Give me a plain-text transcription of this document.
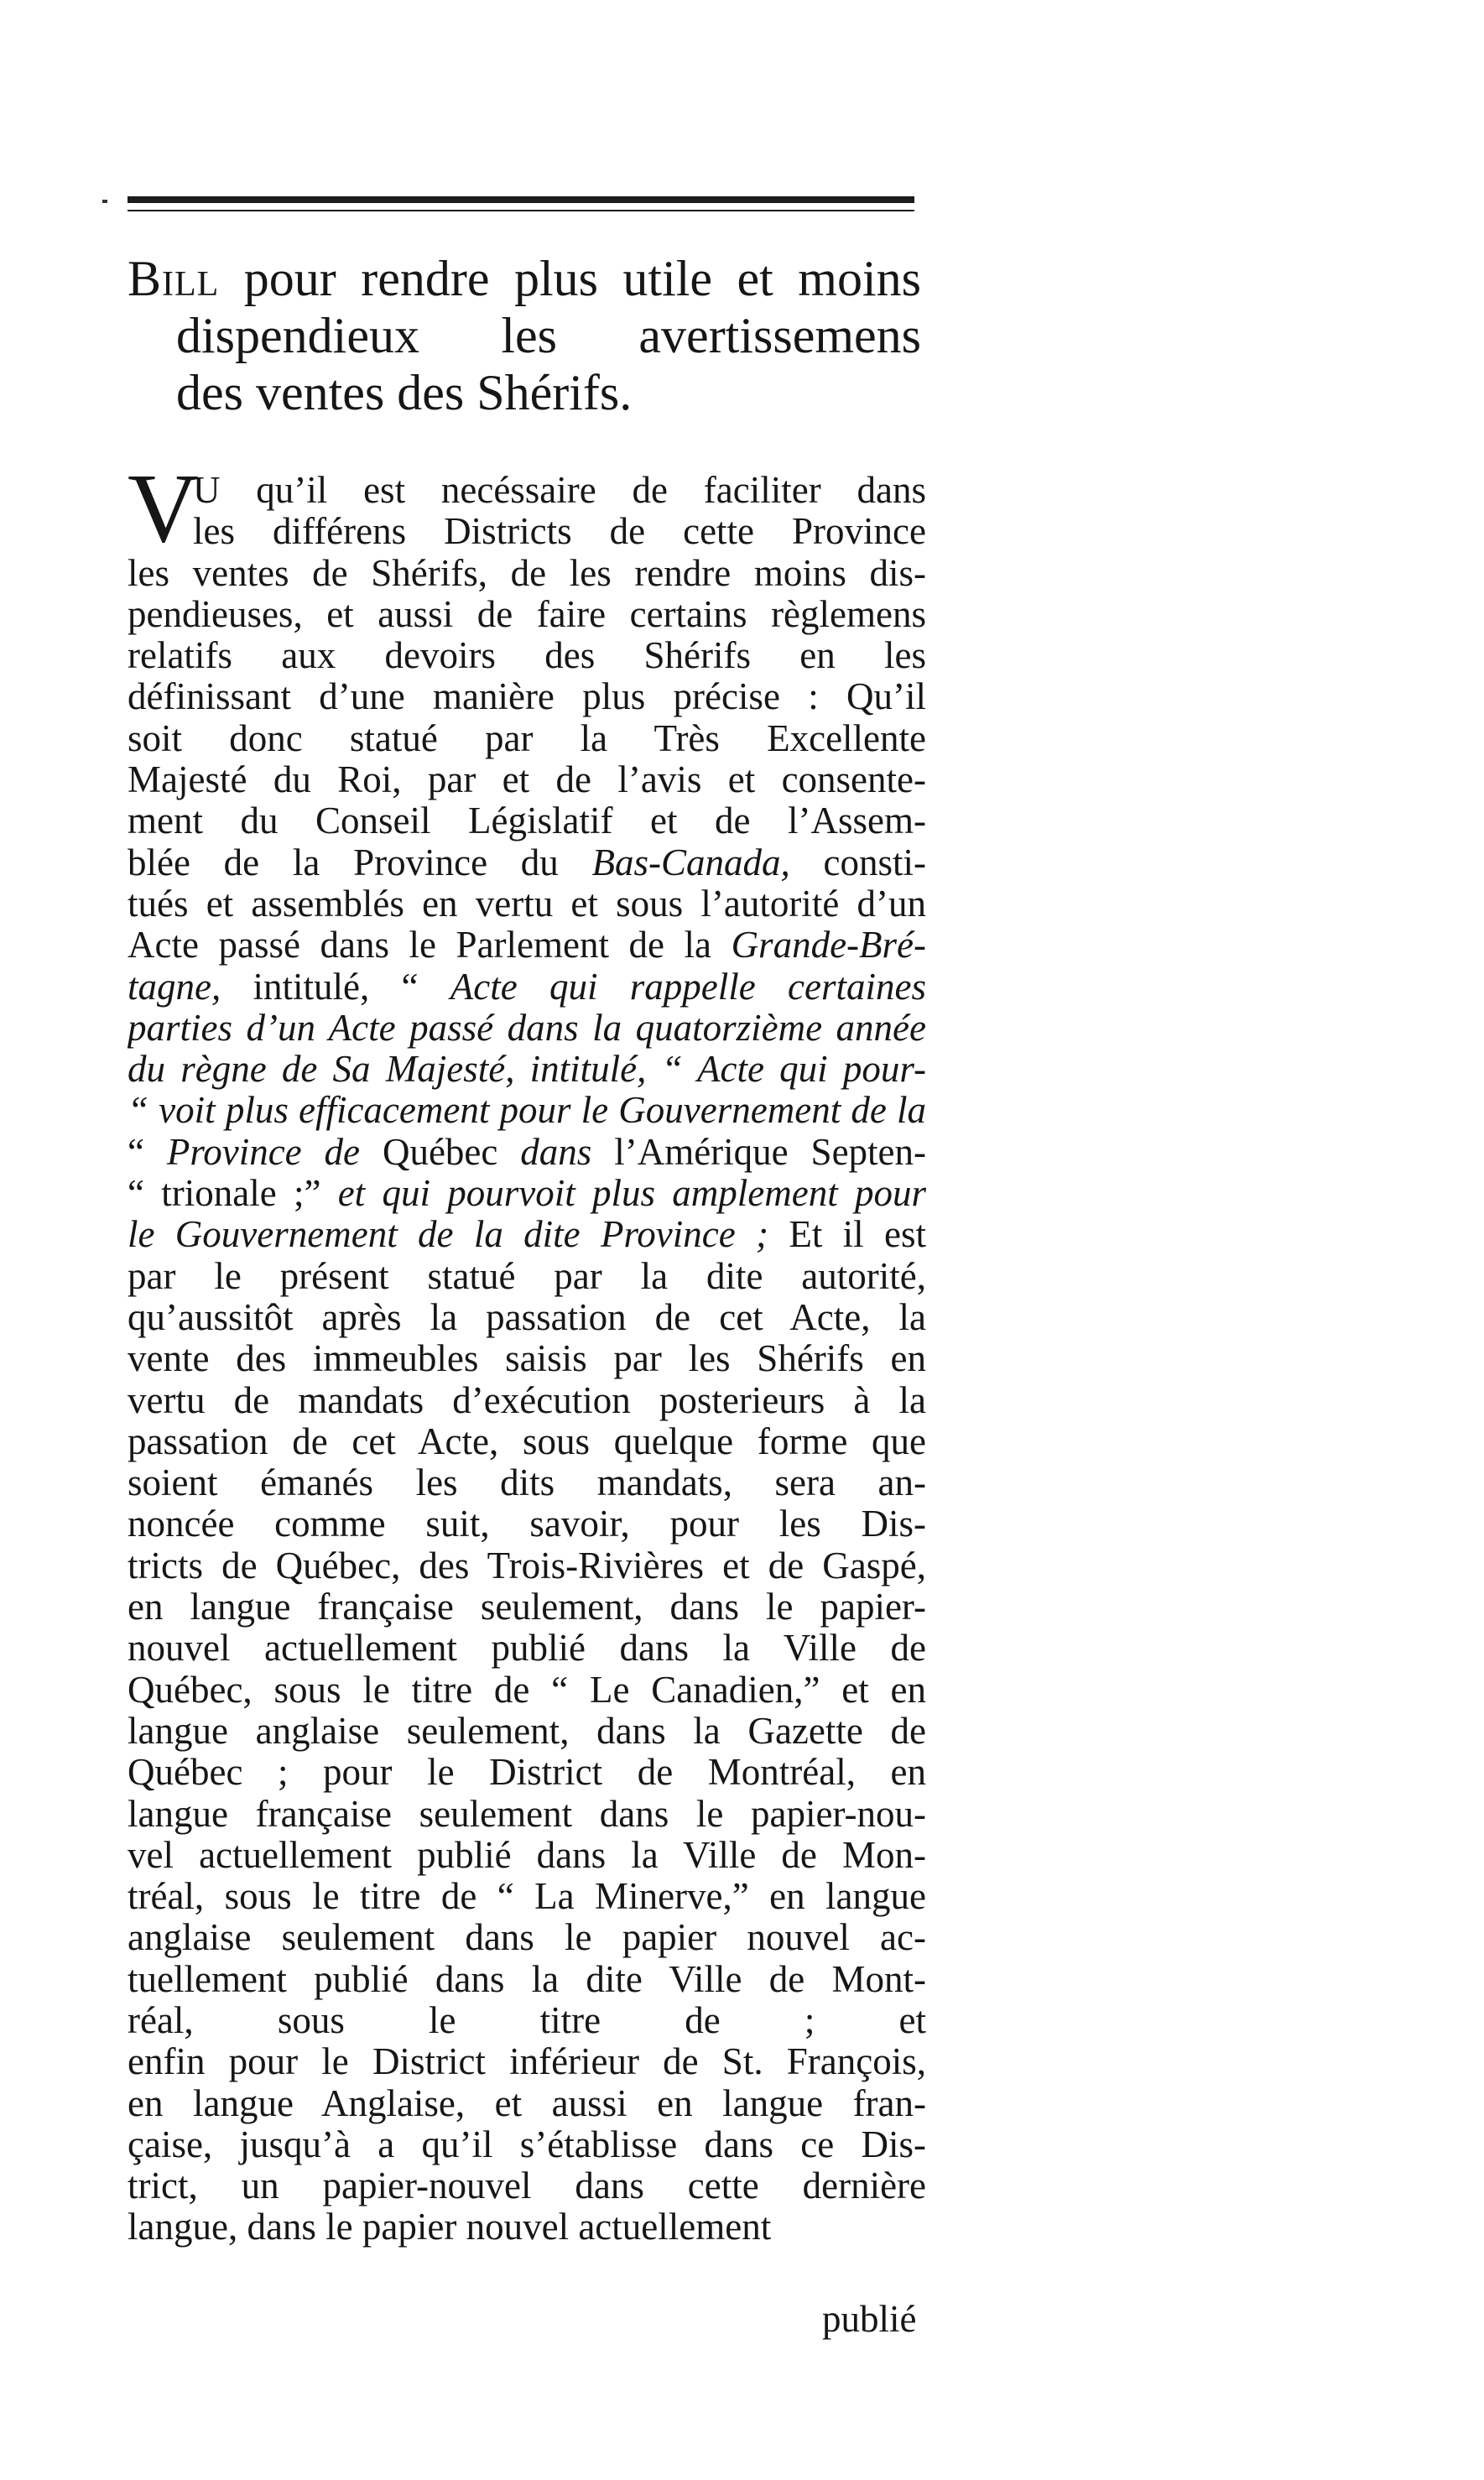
Bill pour rendre plus utile et moins
dispendieux les avertissemens
des ventes des Shérifs.
V
U qu’il est necéssaire de faciliter dans
les différens Districts de cette Province
les ventes de Shérifs, de les rendre moins dis-
pendieuses, et aussi de faire certains règlemens
relatifs aux devoirs des Shérifs en les
définissant d’une manière plus précise : Qu’il
soit donc statué par la Très Excellente
Majesté du Roi, par et de l’avis et consente-
ment du Conseil Législatif et de l’Assem-
blée de la Province du Bas-Canada, consti-
tués et assemblés en vertu et sous l’autorité d’un
Acte passé dans le Parlement de la Grande-Bré-
tagne, intitulé, “ Acte qui rappelle certaines
parties d’un Acte passé dans la quatorzième année
du règne de Sa Majesté, intitulé, “ Acte qui pour-
“ voit plus efficacement pour le Gouvernement de la
“ Province de Québec dans l’Amérique Septen-
“ trionale ;” et qui pourvoit plus amplement pour
le Gouvernement de la dite Province ; Et il est
par le présent statué par la dite autorité,
qu’aussitôt après la passation de cet Acte, la
vente des immeubles saisis par les Shérifs en
vertu de mandats d’exécution posterieurs à la
passation de cet Acte, sous quelque forme que
soient émanés les dits mandats, sera an-
noncée comme suit, savoir, pour les Dis-
tricts de Québec, des Trois-Rivières et de Gaspé,
en langue française seulement, dans le papier-
nouvel actuellement publié dans la Ville de
Québec, sous le titre de “ Le Canadien,” et en
langue anglaise seulement, dans la Gazette de
Québec ; pour le District de Montréal, en
langue française seulement dans le papier-nou-
vel actuellement publié dans la Ville de Mon-
tréal, sous le titre de “ La Minerve,” en langue
anglaise seulement dans le papier nouvel ac-
tuellement publié dans la dite Ville de Mont-
réal, sous le titre de ; et
enfin pour le District inférieur de St. François,
en langue Anglaise, et aussi en langue fran-
çaise, jusqu’à a qu’il s’établisse dans ce Dis-
trict, un papier-nouvel dans cette dernière
langue, dans le papier nouvel actuellement
publié
